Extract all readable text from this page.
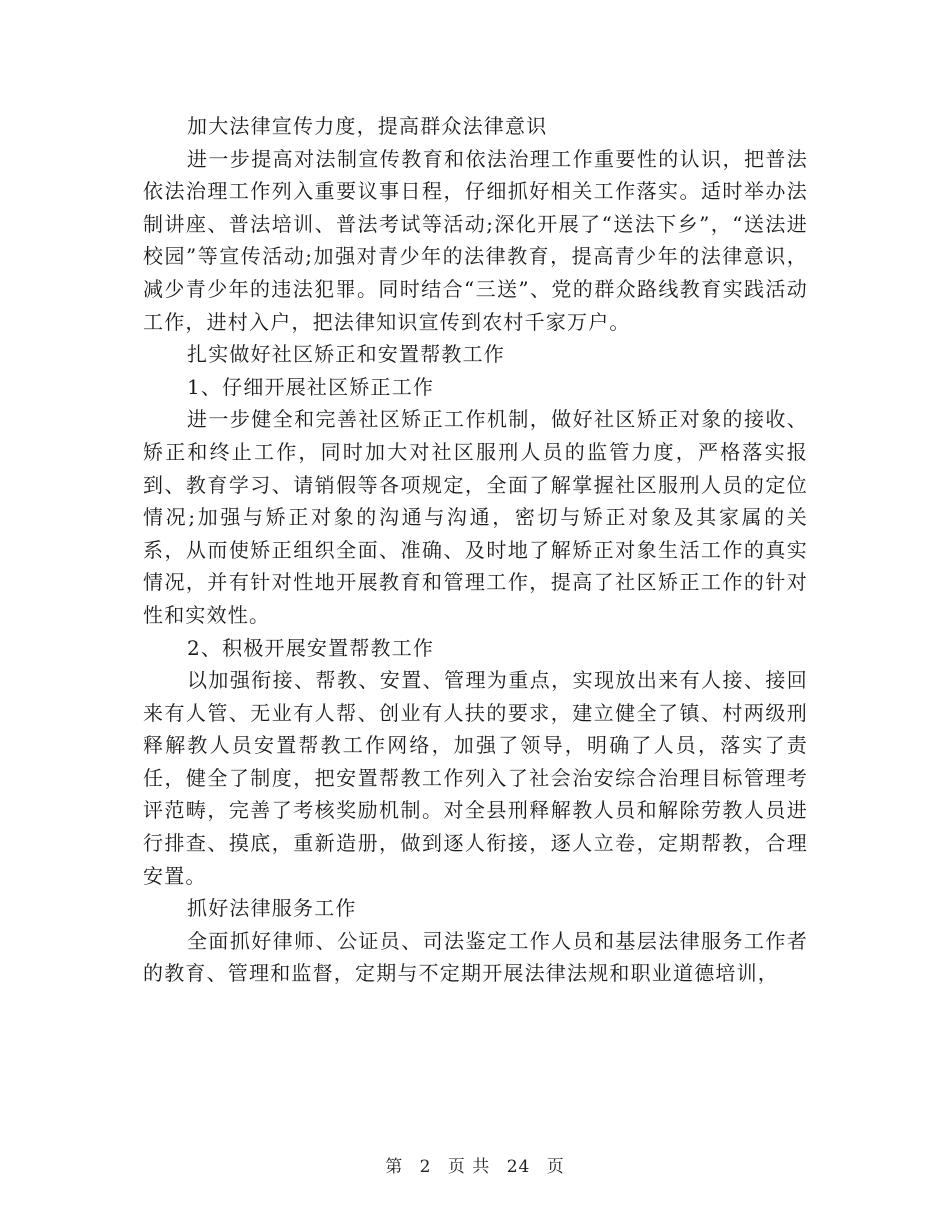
加大法律宣传力度，提高群众法律意识

进一步提高对法制宣传教育和依法治理工作重要性的认识，把普法依法治理工作列入重要议事日程，仔细抓好相关工作落实。适时举办法制讲座、普法培训、普法考试等活动;深化开展了“送法下乡”，“送法进校园”等宣传活动;加强对青少年的法律教育，提高青少年的法律意识，减少青少年的违法犯罪。同时结合“三送”、党的群众路线教育实践活动工作，进村入户，把法律知识宣传到农村千家万户。

扎实做好社区矫正和安置帮教工作

1、仔细开展社区矫正工作

进一步健全和完善社区矫正工作机制，做好社区矫正对象的接收、矫正和终止工作，同时加大对社区服刑人员的监管力度，严格落实报到、教育学习、请销假等各项规定，全面了解掌握社区服刑人员的定位情况;加强与矫正对象的沟通与沟通，密切与矫正对象及其家属的关系，从而使矫正组织全面、准确、及时地了解矫正对象生活工作的真实情况，并有针对性地开展教育和管理工作，提高了社区矫正工作的针对性和实效性。

2、积极开展安置帮教工作

以加强衔接、帮教、安置、管理为重点，实现放出来有人接、接回来有人管、无业有人帮、创业有人扶的要求，建立健全了镇、村两级刑释解教人员安置帮教工作网络，加强了领导，明确了人员，落实了责任，健全了制度，把安置帮教工作列入了社会治安综合治理目标管理考评范畴，完善了考核奖励机制。对全县刑释解教人员和解除劳教人员进行排查、摸底，重新造册，做到逐人衔接，逐人立卷，定期帮教，合理安置。

抓好法律服务工作

全面抓好律师、公证员、司法鉴定工作人员和基层法律服务工作者的教育、管理和监督，定期与不定期开展法律法规和职业道德培训，

第 2 页 共 24 页
